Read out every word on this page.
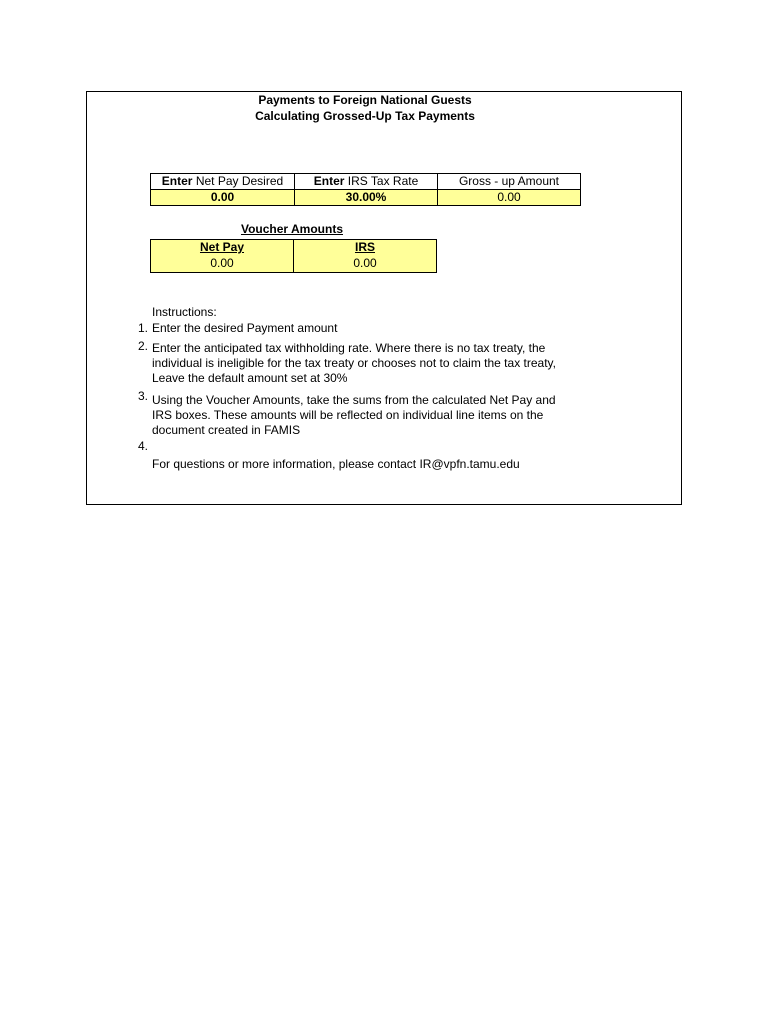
Payments to Foreign National Guests
Calculating Grossed-Up Tax Payments
Enter Net Pay Desired	Enter IRS Tax Rate	Gross - up Amount
0.00	30.00%	0.00
Voucher Amounts
Net Pay	IRS
0.00	0.00
Instructions:
1. Enter the desired Payment amount
2. Enter the anticipated tax withholding rate. Where there is no tax treaty, the
individual is ineligible for the tax treaty or chooses not to claim the tax treaty,
Leave the default amount set at 30%
3. Using the Voucher Amounts, take the sums from the calculated Net Pay and
IRS boxes. These amounts will be reflected on individual line items on the
document created in FAMIS
4.
For questions or more information, please contact IR@vpfn.tamu.edu
